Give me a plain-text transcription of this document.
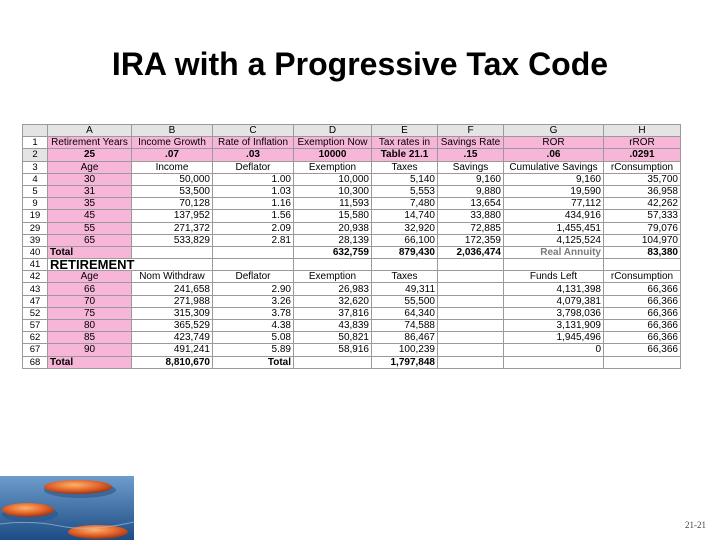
IRA with a Progressive Tax Code
	A	B	C	D	E	F	G	H
1	Retirement Years	Income Growth	Rate of Inflation	Exemption Now	Tax rates in	Savings Rate	ROR	rROR
2	25	.07	.03	10000	Table 21.1	.15	.06	.0291
3	Age	Income	Deflator	Exemption	Taxes	Savings	Cumulative Savings	rConsumption
4	30	50,000	1.00	10,000	5,140	9,160	9,160	35,700
5	31	53,500	1.03	10,300	5,553	9,880	19,590	36,958
9	35	70,128	1.16	11,593	7,480	13,654	77,112	42,262
19	45	137,952	1.56	15,580	14,740	33,880	434,916	57,333
29	55	271,372	2.09	20,938	32,920	72,885	1,455,451	79,076
39	65	533,829	2.81	28,139	66,100	172,359	4,125,524	104,970
40	Total			632,759	879,430	2,036,474	Real Annuity	83,380
41	RETIREMENT							
42	Age	Nom Withdraw	Deflator	Exemption	Taxes		Funds Left	rConsumption
43	66	241,658	2.90	26,983	49,311		4,131,398	66,366
47	70	271,988	3.26	32,620	55,500		4,079,381	66,366
52	75	315,309	3.78	37,816	64,340		3,798,036	66,366
57	80	365,529	4.38	43,839	74,588		3,131,909	66,366
62	85	423,749	5.08	50,821	86,467		1,945,496	66,366
67	90	491,241	5.89	58,916	100,239		0	66,366
68	Total	8,810,670	Total		1,797,848			
21-21
